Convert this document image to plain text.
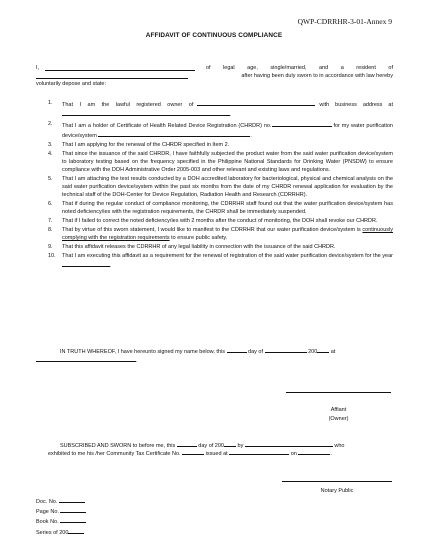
QWP-CDRRHR-3-01-Annex 9
AFFIDAVIT OF CONTINUOUS COMPLIANCE
I,	of legal age, single/married, and a resident of
after having been duly sworn to in accordance with law hereby
voluntarily depose and state:
1. That I am the lawful registered owner of	with business address at .
2. That I am a holder of Certificate of Health Related Device Registration (CHRDR) no.	for my water purification device/system	.
3. That I am applying for the renewal of the CHRDR specified in Item 2.
4. That since the issuance of the said CHRDR, I have faithfully subjected the product water from the said water purification device/system to laboratory testing based on the frequency specified in the Philippine National Standards for Drinking Water (PNSDW) to ensure compliance with the DOH Administrative Order 2005-003 and other relevant and existing laws and regulations.
5. That I am attaching the test results conducted by a DOH accredited laboratory for bacteriological, physical and chemical analysis on the said water purification device/system within the past six months from the date of my CHRDR renewal application for evaluation by the technical staff of the DOH-Center for Device Regulation, Radiation Health and Research (CDRRHR).
6. That if during the regular conduct of compliance monitoring, the CDRRHR staff found out that the water purification device/system has noted deficiency/ies with the registration requirements, the CHRDR shall be immediately suspended.
7. That if I failed to correct the noted deficiency/ies with 2 months after the conduct of monitoring, the DOH shall revoke our CHRDR.
8. That by virtue of this sworn statement, I would like to manifest to the CDRRHR that our water purification device/system is continuously complying with the registration requirements to ensure public safety.
9. That this affidavit releases the CDRRHR of any legal liability in connection with the issuance of the said CHRDR.
10. That I am executing this affidavit as a requirement for the renewal of registration of the said water purification device/system for the year .
IN TRUTH WHEREOF, I have hereunto signed my name below, this	day of	200 at
.
Affiant
(Owner)
SUBSCRIBED AND SWORN to before me, this	day of 200 by	who
exhibited to me his /her Community Tax Certificate No.	issued at	on	.
Notary Public
Doc. No.
Page No.
Book No.
Series of 200
